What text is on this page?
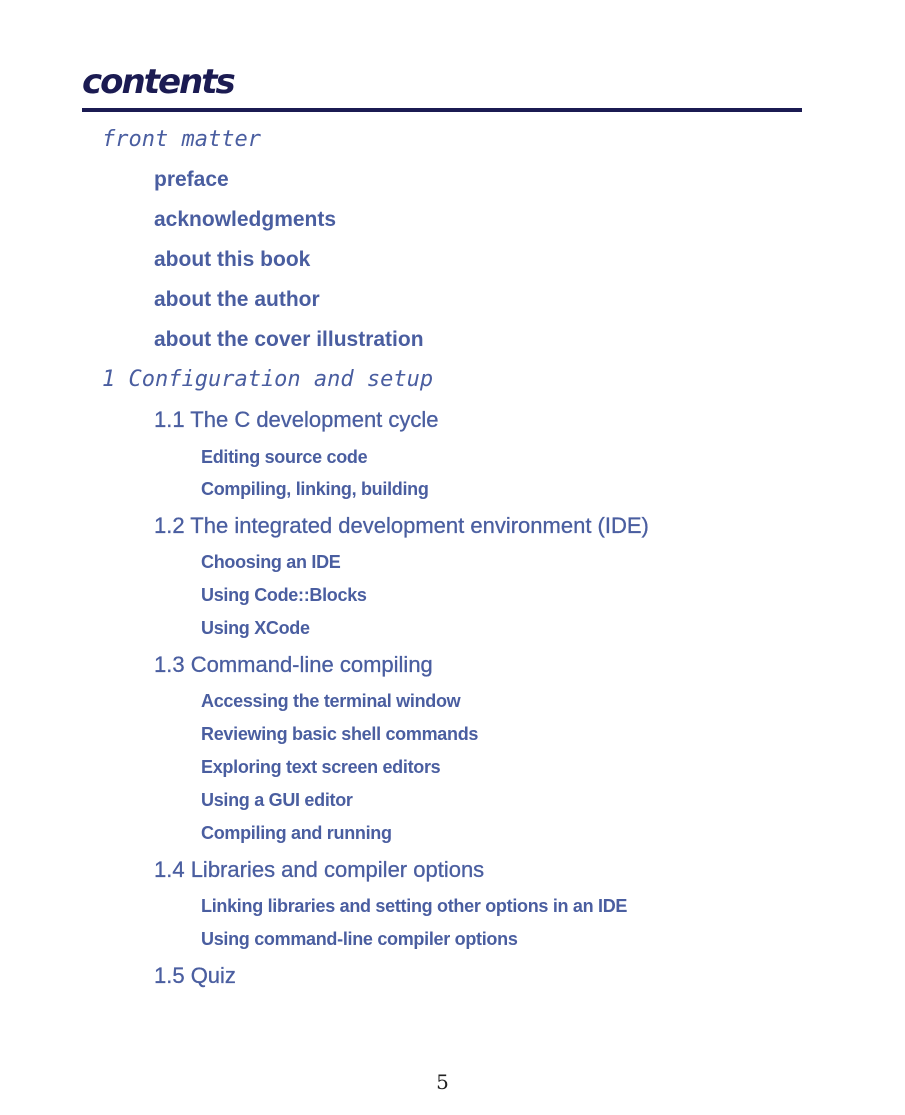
contents
front matter
preface
acknowledgments
about this book
about the author
about the cover illustration
1 Configuration and setup
1.1 The C development cycle
Editing source code
Compiling, linking, building
1.2 The integrated development environment (IDE)
Choosing an IDE
Using Code::Blocks
Using XCode
1.3 Command-line compiling
Accessing the terminal window
Reviewing basic shell commands
Exploring text screen editors
Using a GUI editor
Compiling and running
1.4 Libraries and compiler options
Linking libraries and setting other options in an IDE
Using command-line compiler options
1.5 Quiz
5
